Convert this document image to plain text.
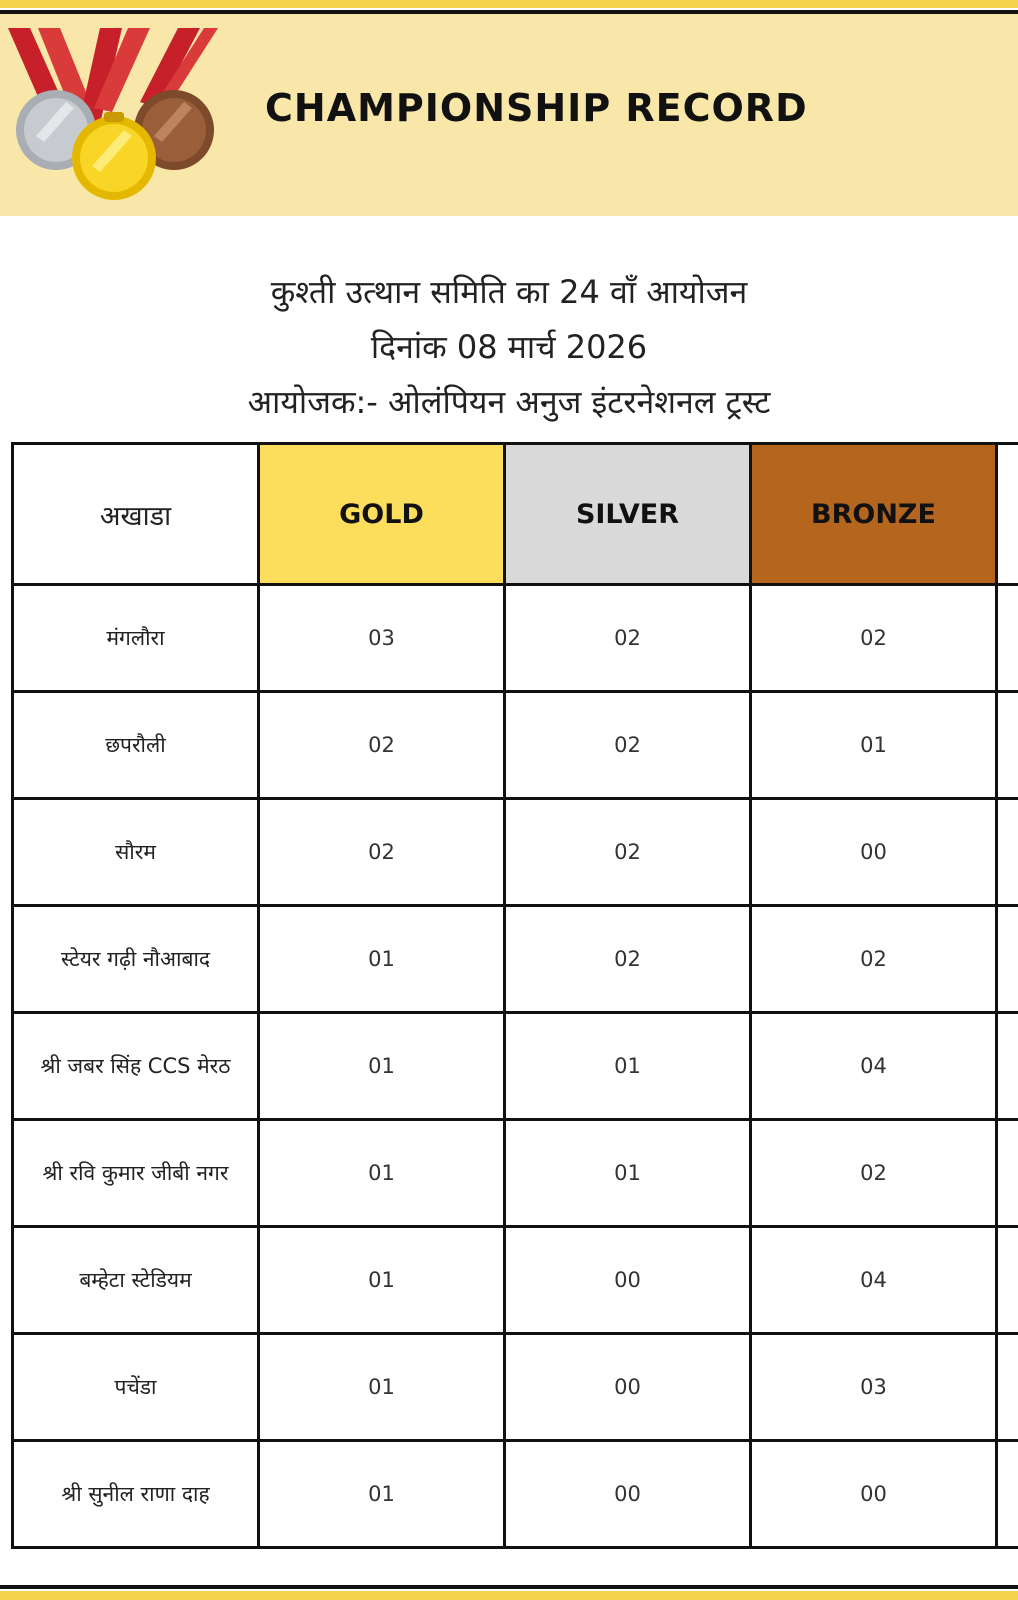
CHAMPIONSHIP RECORD
कुश्ती उत्थान समिति का 24 वाँ आयोजन
दिनांक 08 मार्च 2026
आयोजक:- ओलंपियन अनुज इंटरनेशनल ट्रस्ट
अखाडा	GOLD	SILVER	BRONZE	
मंगलौरा	03	02	02	
छपरौली	02	02	01	
सौरम	02	02	00	
स्टेयर गढ़ी नौआबाद	01	02	02	
श्री जबर सिंह CCS मेरठ	01	01	04	
श्री रवि कुमार जीबी नगर	01	01	02	
बम्हेटा स्टेडियम	01	00	04	
पचेंडा	01	00	03	
श्री सुनील राणा दाह	01	00	00	
